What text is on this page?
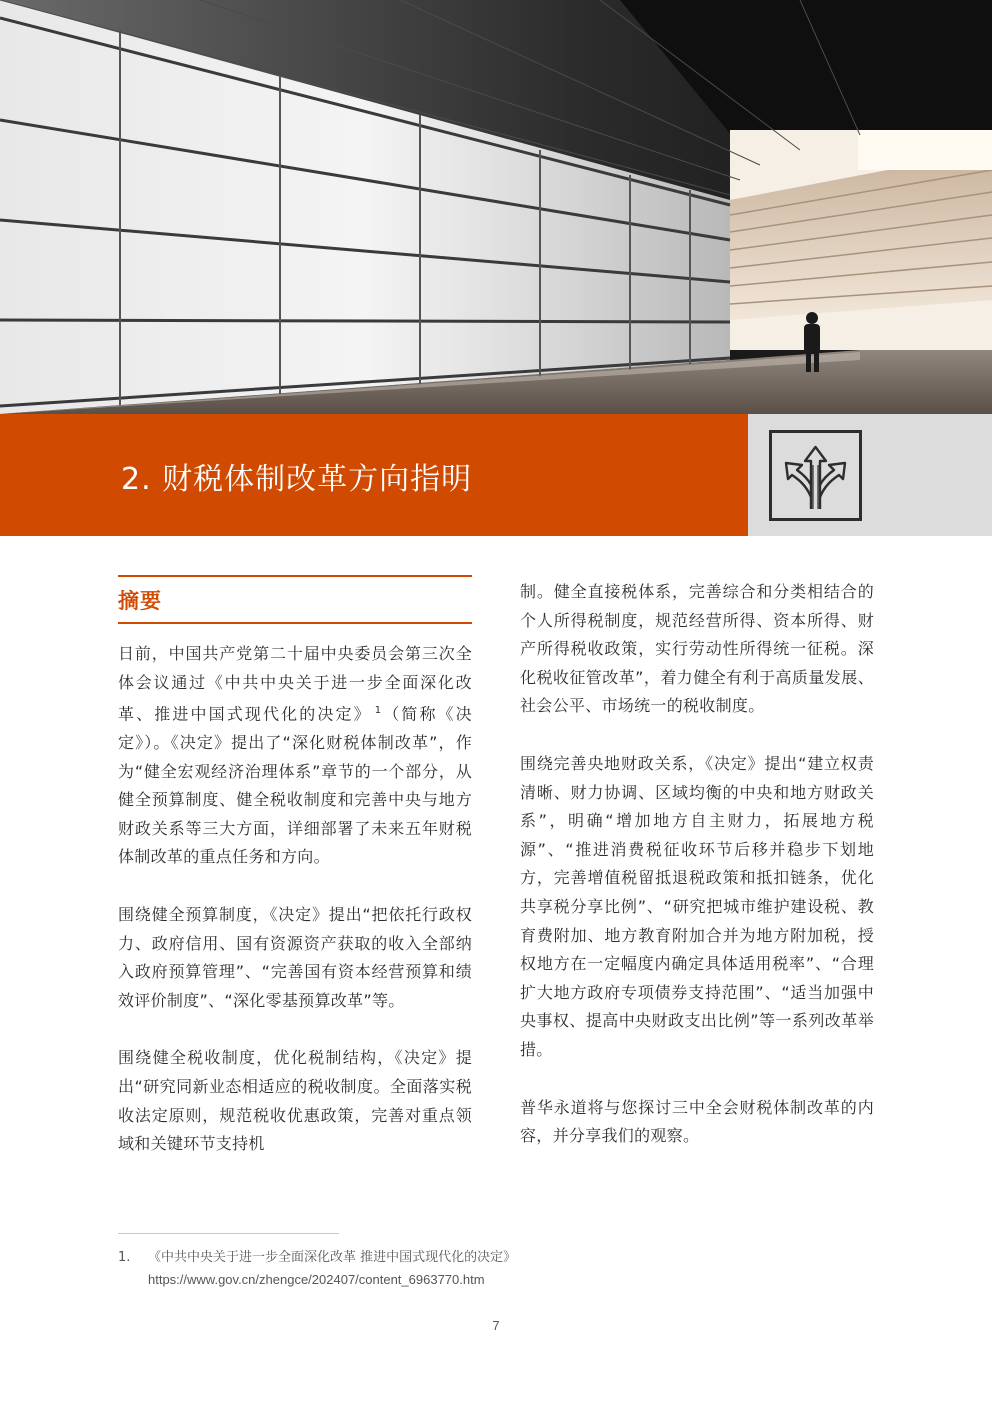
2. 财税体制改革方向指明
摘要

日前，中国共产党第二十届中央委员会第三次全体会议通过《中共中央关于进一步全面深化改革、推进中国式现代化的决定》 $^1$（简称《决定》）。《决定》提出了“深化财税体制改革”，作为“健全宏观经济治理体系”章节的一个部分，从健全预算制度、健全税收制度和完善中央与地方财政关系等三大方面，详细部署了未来五年财税体制改革的重点任务和方向。

围绕健全预算制度，《决定》提出“把依托行政权力、政府信用、国有资源资产获取的收入全部纳入政府预算管理”、“完善国有资本经营预算和绩效评价制度”、“深化零基预算改革”等。

围绕健全税收制度，优化税制结构，《决定》提出“研究同新业态相适应的税收制度。全面落实税收法定原则，规范税收优惠政策，完善对重点领域和关键环节支持机

制。健全直接税体系，完善综合和分类相结合的个人所得税制度，规范经营所得、资本所得、财产所得税收政策，实行劳动性所得统一征税。深化税收征管改革”，着力健全有利于高质量发展、社会公平、市场统一的税收制度。

围绕完善央地财政关系，《决定》提出“建立权责清晰、财力协调、区域均衡的中央和地方财政关系”，明确“增加地方自主财力，拓展地方税源”、“推进消费税征收环节后移并稳步下划地方，完善增值税留抵退税政策和抵扣链条，优化共享税分享比例”、“研究把城市维护建设税、教育费附加、地方教育附加合并为地方附加税，授权地方在一定幅度内确定具体适用税率”、“合理扩大地方政府专项债券支持范围”、“适当加强中央事权、提高中央财政支出比例”等一系列改革举措。

普华永道将与您探讨三中全会财税体制改革的内容，并分享我们的观察。

1. 《中共中央关于进一步全面深化改革 推进中国式现代化的决定》
https://www.gov.cn/zhengce/202407/content_6963770.htm
7
